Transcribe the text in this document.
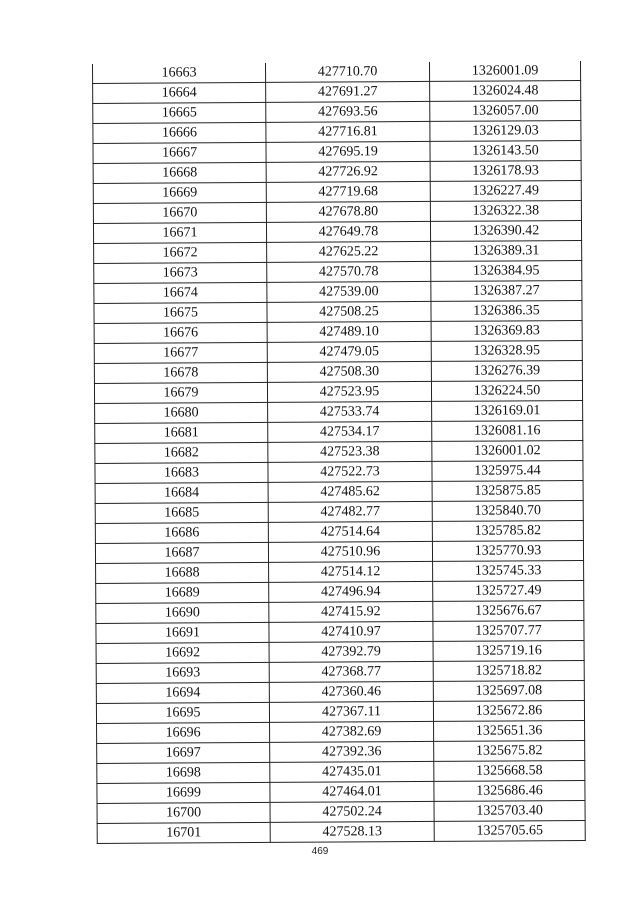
16663	427710.70	1326001.09
16664	427691.27	1326024.48
16665	427693.56	1326057.00
16666	427716.81	1326129.03
16667	427695.19	1326143.50
16668	427726.92	1326178.93
16669	427719.68	1326227.49
16670	427678.80	1326322.38
16671	427649.78	1326390.42
16672	427625.22	1326389.31
16673	427570.78	1326384.95
16674	427539.00	1326387.27
16675	427508.25	1326386.35
16676	427489.10	1326369.83
16677	427479.05	1326328.95
16678	427508.30	1326276.39
16679	427523.95	1326224.50
16680	427533.74	1326169.01
16681	427534.17	1326081.16
16682	427523.38	1326001.02
16683	427522.73	1325975.44
16684	427485.62	1325875.85
16685	427482.77	1325840.70
16686	427514.64	1325785.82
16687	427510.96	1325770.93
16688	427514.12	1325745.33
16689	427496.94	1325727.49
16690	427415.92	1325676.67
16691	427410.97	1325707.77
16692	427392.79	1325719.16
16693	427368.77	1325718.82
16694	427360.46	1325697.08
16695	427367.11	1325672.86
16696	427382.69	1325651.36
16697	427392.36	1325675.82
16698	427435.01	1325668.58
16699	427464.01	1325686.46
16700	427502.24	1325703.40
16701	427528.13	1325705.65
469
